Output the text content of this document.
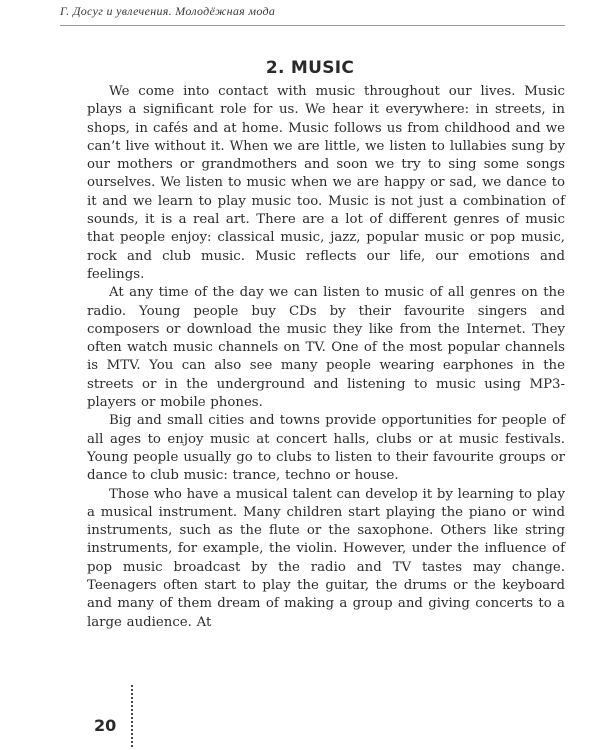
Г. Досуг и увлечения. Молодёжная мода
2. MUSIC

We come into contact with music throughout our lives. Music plays a significant role for us. We hear it everywhere: in streets, in shops, in cafés and at home. Music follows us from childhood and we can’t live without it. When we are little, we listen to lullabies sung by our mothers or grandmothers and soon we try to sing some songs ourselves. We listen to music when we are happy or sad, we dance to it and we learn to play music too. Music is not just a combination of sounds, it is a real art. There are a lot of different genres of music that people enjoy: classical music, jazz, popular music or pop music, rock and club music. Music reflects our life, our emotions and feelings.

At any time of the day we can listen to music of all genres on the radio. Young people buy CDs by their favourite singers and composers or download the music they like from the Internet. They often watch music channels on TV. One of the most popular channels is MTV. You can also see many people wearing earphones in the streets or in the underground and listening to music using MP3-players or mobile phones.

Big and small cities and towns provide opportunities for people of all ages to enjoy music at concert halls, clubs or at music festivals. Young people usually go to clubs to listen to their favourite groups or dance to club music: trance, techno or house.

Those who have a musical talent can develop it by learning to play a musical instrument. Many children start playing the piano or wind instruments, such as the flute or the saxophone. Others like string instruments, for example, the violin. However, under the influence of pop music broadcast by the radio and TV tastes may change. Teenagers often start to play the guitar, the drums or the keyboard and many of them dream of making a group and giving concerts to a large audience. At

20
